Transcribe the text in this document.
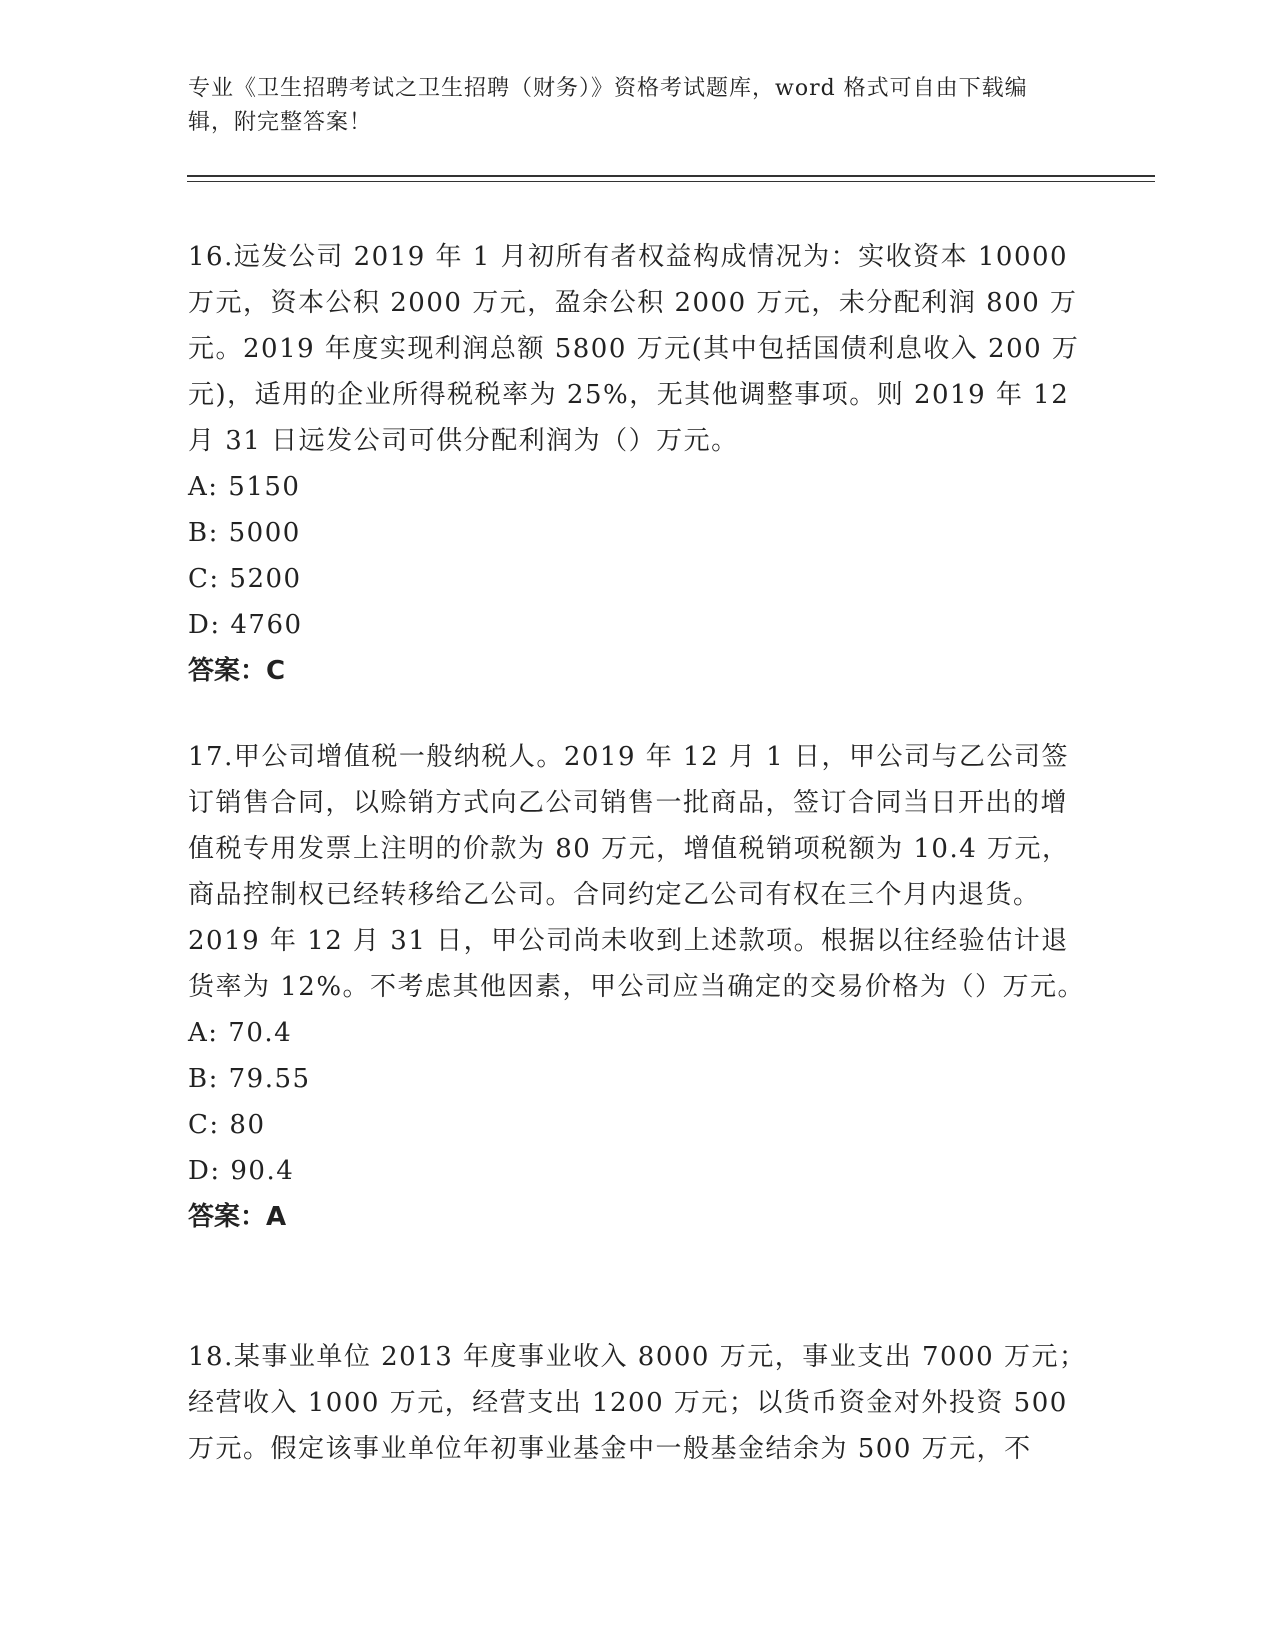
专业《卫生招聘考试之卫生招聘（财务）》资格考试题库，word 格式可自由下载编辑，附完整答案！

16.远发公司 2019 年 1 月初所有者权益构成情况为：实收资本 10000 万元，资本公积 2000 万元，盈余公积 2000 万元，未分配利润 800 万元。2019 年度实现利润总额 5800 万元(其中包括国债利息收入 200 万元)，适用的企业所得税税率为 25%，无其他调整事项。则 2019 年 12 月 31 日远发公司可供分配利润为（）万元。

A: 5150

B: 5000

C: 5200

D: 4760

答案：C

17.甲公司增值税一般纳税人。2019 年 12 月 1 日，甲公司与乙公司签订销售合同，以赊销方式向乙公司销售一批商品，签订合同当日开出的增值税专用发票上注明的价款为 80 万元，增值税销项税额为 10.4 万元，商品控制权已经转移给乙公司。合同约定乙公司有权在三个月内退货。2019 年 12 月 31 日，甲公司尚未收到上述款项。根据以往经验估计退货率为 12%。不考虑其他因素，甲公司应当确定的交易价格为（）万元。

A: 70.4

B: 79.55

C: 80

D: 90.4

答案：A

18.某事业单位 2013 年度事业收入 8000 万元，事业支出 7000 万元；经营收入 1000 万元，经营支出 1200 万元；以货币资金对外投资 500 万元。假定该事业单位年初事业基金中一般基金结余为 500 万元，不
